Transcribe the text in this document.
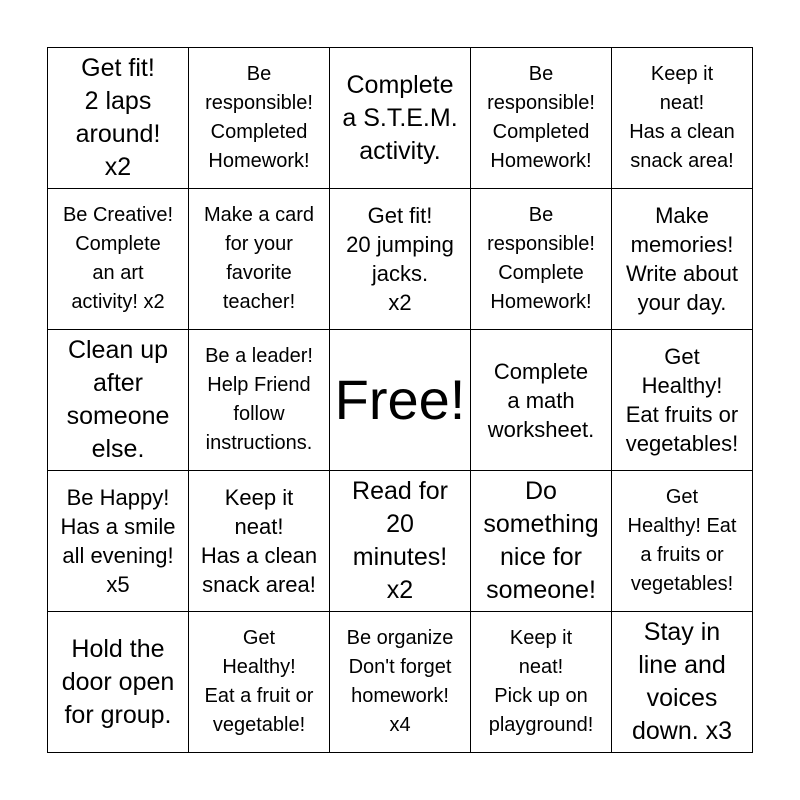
Get fit!
2 laps
around!
x2
Be
responsible!
Completed
Homework!
Complete
a S.T.E.M.
activity.
Be
responsible!
Completed
Homework!
Keep it
neat!
Has a clean
snack area!
Be Creative!
Complete
an art
activity! x2
Make a card
for your
favorite
teacher!
Get fit!
20 jumping
jacks.
x2
Be
responsible!
Complete
Homework!
Make
memories!
Write about
your day.
Clean up
after
someone
else.
Be a leader!
Help Friend
follow
instructions.
Free! Complete
a math
worksheet.
Get
Healthy!
Eat fruits or
vegetables!
Be Happy!
Has a smile
all evening!
x5
Keep it
neat!
Has a clean
snack area!
Read for
20
minutes!
x2
Do
something
nice for
someone!
Get
Healthy! Eat
a fruits or
vegetables!
Hold the
door open
for group.
Get
Healthy!
Eat a fruit or
vegetable!
Be organize
Don't forget
homework!
x4
Keep it
neat!
Pick up on
playground!
Stay in
line and
voices
down. x3
